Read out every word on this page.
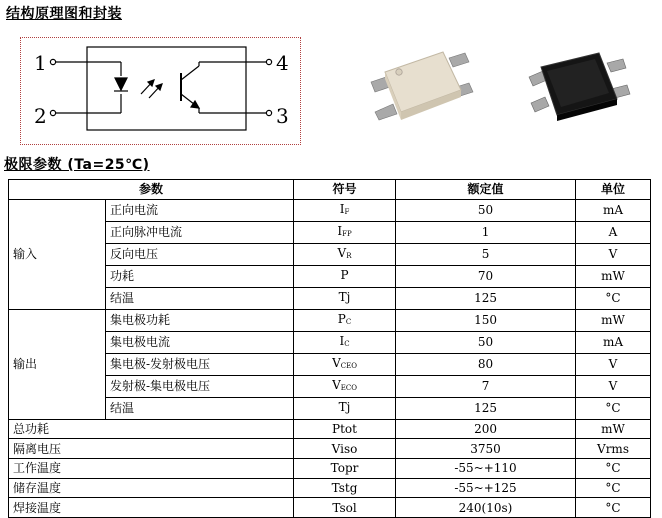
结构原理图和封装
1
2
4
3
极限参数 (Ta=25℃)
参数		符号	额定值	单位
输入	正向电流	$I_F$	50	mA
	正向脉冲电流	$I_{FP}$	1	A
	反向电压	$V_R$	5	V
	功耗	P	70	mW
	结温	Tj	125	°C
输出	集电极功耗	$P_C$	150	mW
	集电极电流	$I_C$	50	mA
	集电极-发射极电压	$V_{CEO}$	80	V
	发射极-集电极电压	$V_{ECO}$	7	V
	结温	Tj	125	°C
总功耗		Ptot	200	mW
隔离电压		Viso	3750	Vrms
工作温度		Topr	-55~+110	°C
储存温度		Tstg	-55~+125	°C
焊接温度		Tsol	240(10s)	°C
